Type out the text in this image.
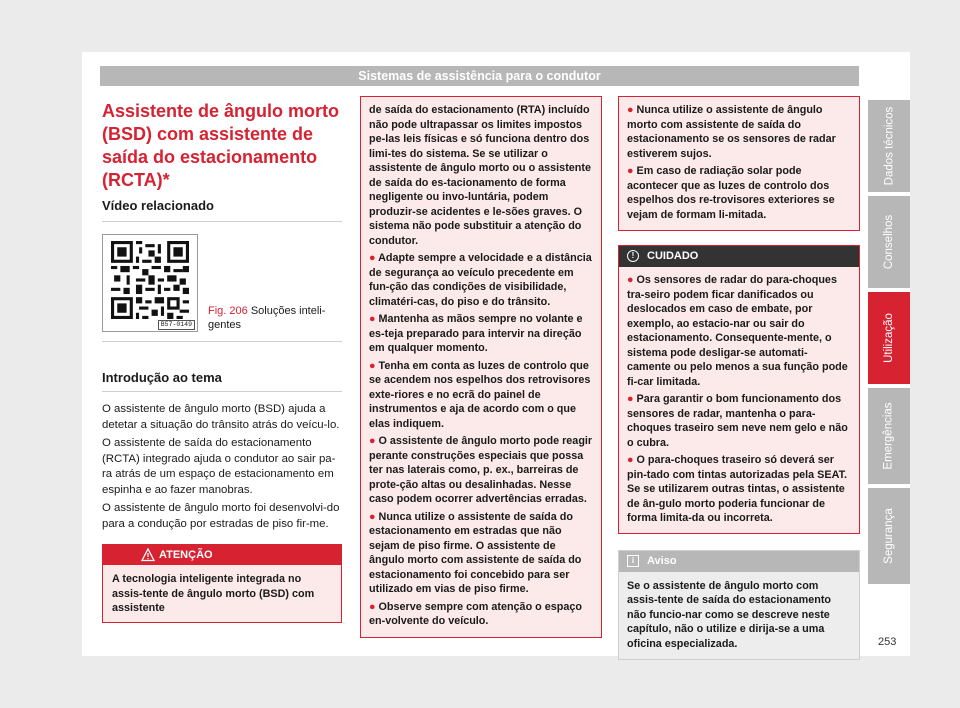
Sistemas de assistência para o condutor
Assistente de ângulo morto (BSD) com assistente de saída do estacionamento (RCTA)*
Vídeo relacionado
B57-0149
Fig. 206 Soluções inteli-gentes
Introdução ao tema

O assistente de ângulo morto (BSD) ajuda a detetar a situação do trânsito atrás do veícu-lo.

O assistente de saída do estacionamento (RCTA) integrado ajuda o condutor ao sair pa-ra atrás de um espaço de estacionamento em espinha e ao fazer manobras.

O assistente de ângulo morto foi desenvolvi-do para a condução por estradas de piso fir-me.

ATENÇÃO
A tecnologia inteligente integrada no assis-tente de ângulo morto (BSD) com assistente

de saída do estacionamento (RTA) incluído não pode ultrapassar os limites impostos pe-las leis físicas e só funciona dentro dos limi-tes do sistema. Se se utilizar o assistente de ângulo morto ou o assistente de saída do es-tacionamento de forma negligente ou invo-luntária, podem produzir-se acidentes e le-sões graves. O sistema não pode substituir a atenção do condutor.

● Adapte sempre a velocidade e a distância de segurança ao veículo precedente em fun-ção das condições de visibilidade, climatéri-cas, do piso e do trânsito.

● Mantenha as mãos sempre no volante e es-teja preparado para intervir na direção em qualquer momento.

● Tenha em conta as luzes de controlo que se acendem nos espelhos dos retrovisores exte-riores e no ecrã do painel de instrumentos e aja de acordo com o que elas indiquem.

● O assistente de ângulo morto pode reagir perante construções especiais que possa ter nas laterais como, p. ex., barreiras de prote-ção altas ou desalinhadas. Nesse caso podem ocorrer advertências erradas.

● Nunca utilize o assistente de saída do estacionamento em estradas que não sejam de piso firme. O assistente de ângulo morto com assistente de saída do estacionamento foi concebido para ser utilizado em vias de piso firme.

● Observe sempre com atenção o espaço en-volvente do veículo.

● Nunca utilize o assistente de ângulo morto com assistente de saída do estacionamento se os sensores de radar estiverem sujos.

● Em caso de radiação solar pode acontecer que as luzes de controlo dos espelhos dos re-trovisores exteriores se vejam de formam li-mitada.

!	CUIDADO

● Os sensores de radar do para-choques tra-seiro podem ficar danificados ou deslocados em caso de embate, por exemplo, ao estacio-nar ou sair do estacionamento. Consequente-mente, o sistema pode desligar-se automati-camente ou pelo menos a sua função pode fi-car limitada.

● Para garantir o bom funcionamento dos sensores de radar, mantenha o para-choques traseiro sem neve nem gelo e não o cubra.

● O para-choques traseiro só deverá ser pin-tado com tintas autorizadas pela SEAT. Se se utilizarem outras tintas, o assistente de ân-gulo morto poderia funcionar de forma limita-da ou incorreta.

i	Aviso
Se o assistente de ângulo morto com assis-tente de saída do estacionamento não funcio-nar como se descreve neste capítulo, não o utilize e dirija-se a uma oficina especializada.
Dados técnicos
Conselhos
Utilização
Emergências
Segurança
253
